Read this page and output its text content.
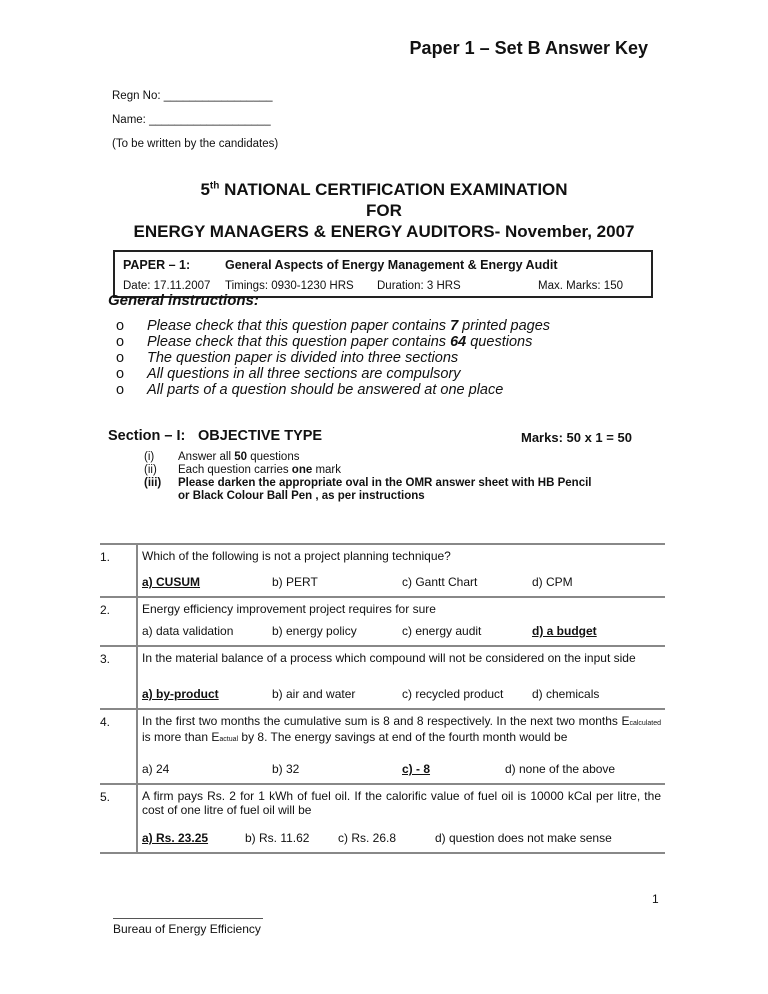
Paper 1 – Set B Answer Key
Regn No: _________________
Name: ___________________
(To be written by the candidates)
5th NATIONAL CERTIFICATION EXAMINATION
FOR
ENERGY MANAGERS & ENERGY AUDITORS- November, 2007
PAPER – 1:	General Aspects of Energy Management & Energy Audit
Date: 17.11.2007 Timings: 0930-1230 HRS Duration: 3 HRS	Max. Marks: 150
General instructions:
o Please check that this question paper contains 7 printed pages
o Please check that this question paper contains 64 questions
o The question paper is divided into three sections
o All questions in all three sections are compulsory
o All parts of a question should be answered at one place
Section – I: OBJECTIVE TYPE	Marks: 50 x 1 = 50
(i) Answer all 50 questions
(ii) Each question carries one mark
(iii) Please darken the appropriate oval in the OMR answer sheet with HB Pencil
or Black Colour Ball Pen , as per instructions
1.	Which of the following is not a project planning technique?
a) CUSUM	b) PERT	c) Gantt Chart	d) CPM
2.	Energy efficiency improvement project requires for sure
a) data validation	b) energy policy	c) energy audit	d) a budget
3.	In the material balance of a process which compound will not be considered on the input side
a) by-product	b) air and water	c) recycled product d) chemicals
4.	In the first two months the cumulative sum is 8 and 8 respectively. In the next two months Ecalculated is more than Eactual by 8. The energy savings at end of the fourth month would be
a) 24	b) 32	c) - 8	d) none of the above
5.	A firm pays Rs. 2 for 1 kWh of fuel oil. If the calorific value of fuel oil is 10000 kCal per litre, the cost of one litre of fuel oil will be
a) Rs. 23.25	b) Rs. 11.62 c) Rs. 26.8	d) question does not make sense
1
Bureau of Energy Efficiency
